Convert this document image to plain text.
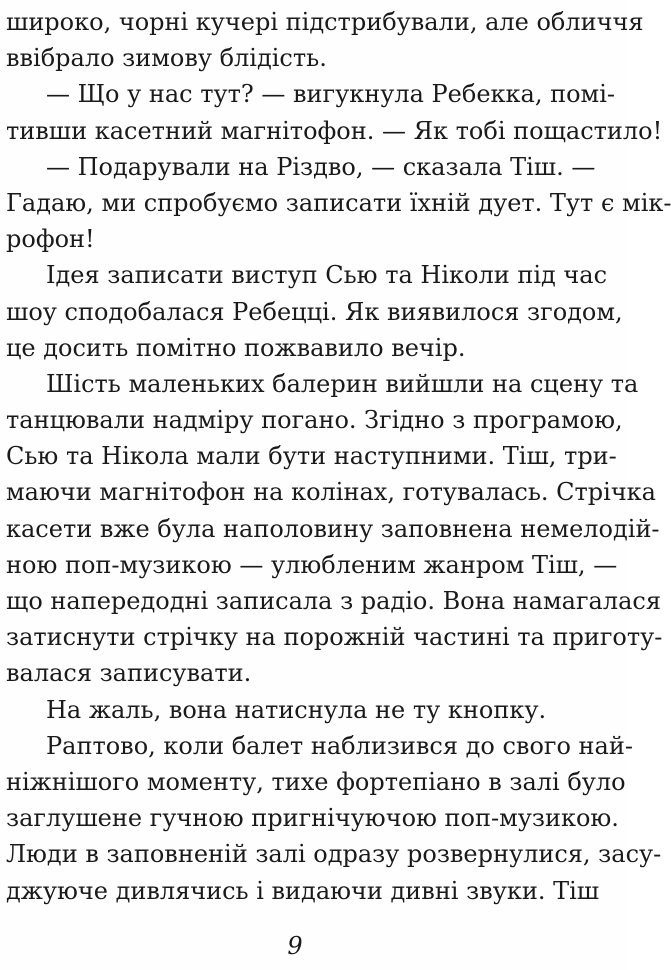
широко, чорні кучері підстрибували, але обличчя
ввібрало зимову блідість.
— Що у нас тут? — вигукнула Ребекка, помі-
тивши касетний магнітофон. — Як тобі пощастило!
— Подарували на Різдво, — сказала Тіш. —
Гадаю, ми спробуємо записати їхній дует. Тут є мік-
рофон!
Ідея записати виступ Сью та Ніколи під час
шоу сподобалася Ребецці. Як виявилося згодом,
це досить помітно пожвавило вечір.
Шість маленьких балерин вийшли на сцену та
танцювали надміру погано. Згідно з програмою,
Сью та Нікола мали бути наступними. Тіш, три-
маючи магнітофон на колінах, готувалась. Стрічка
касети вже була наполовину заповнена немелодій-
ною поп-музикою — улюбленим жанром Тіш, —
що напередодні записала з радіо. Вона намагалася
затиснути стрічку на порожній частині та приготу-
валася записувати.
На жаль, вона натиснула не ту кнопку.
Раптово, коли балет наблизився до свого най-
ніжнішого моменту, тихе фортепіано в залі було
заглушене гучною пригнічуючою поп-музикою.
Люди в заповненій залі одразу розвернулися, засу-
джуюче дивлячись і видаючи дивні звуки. Тіш
9
